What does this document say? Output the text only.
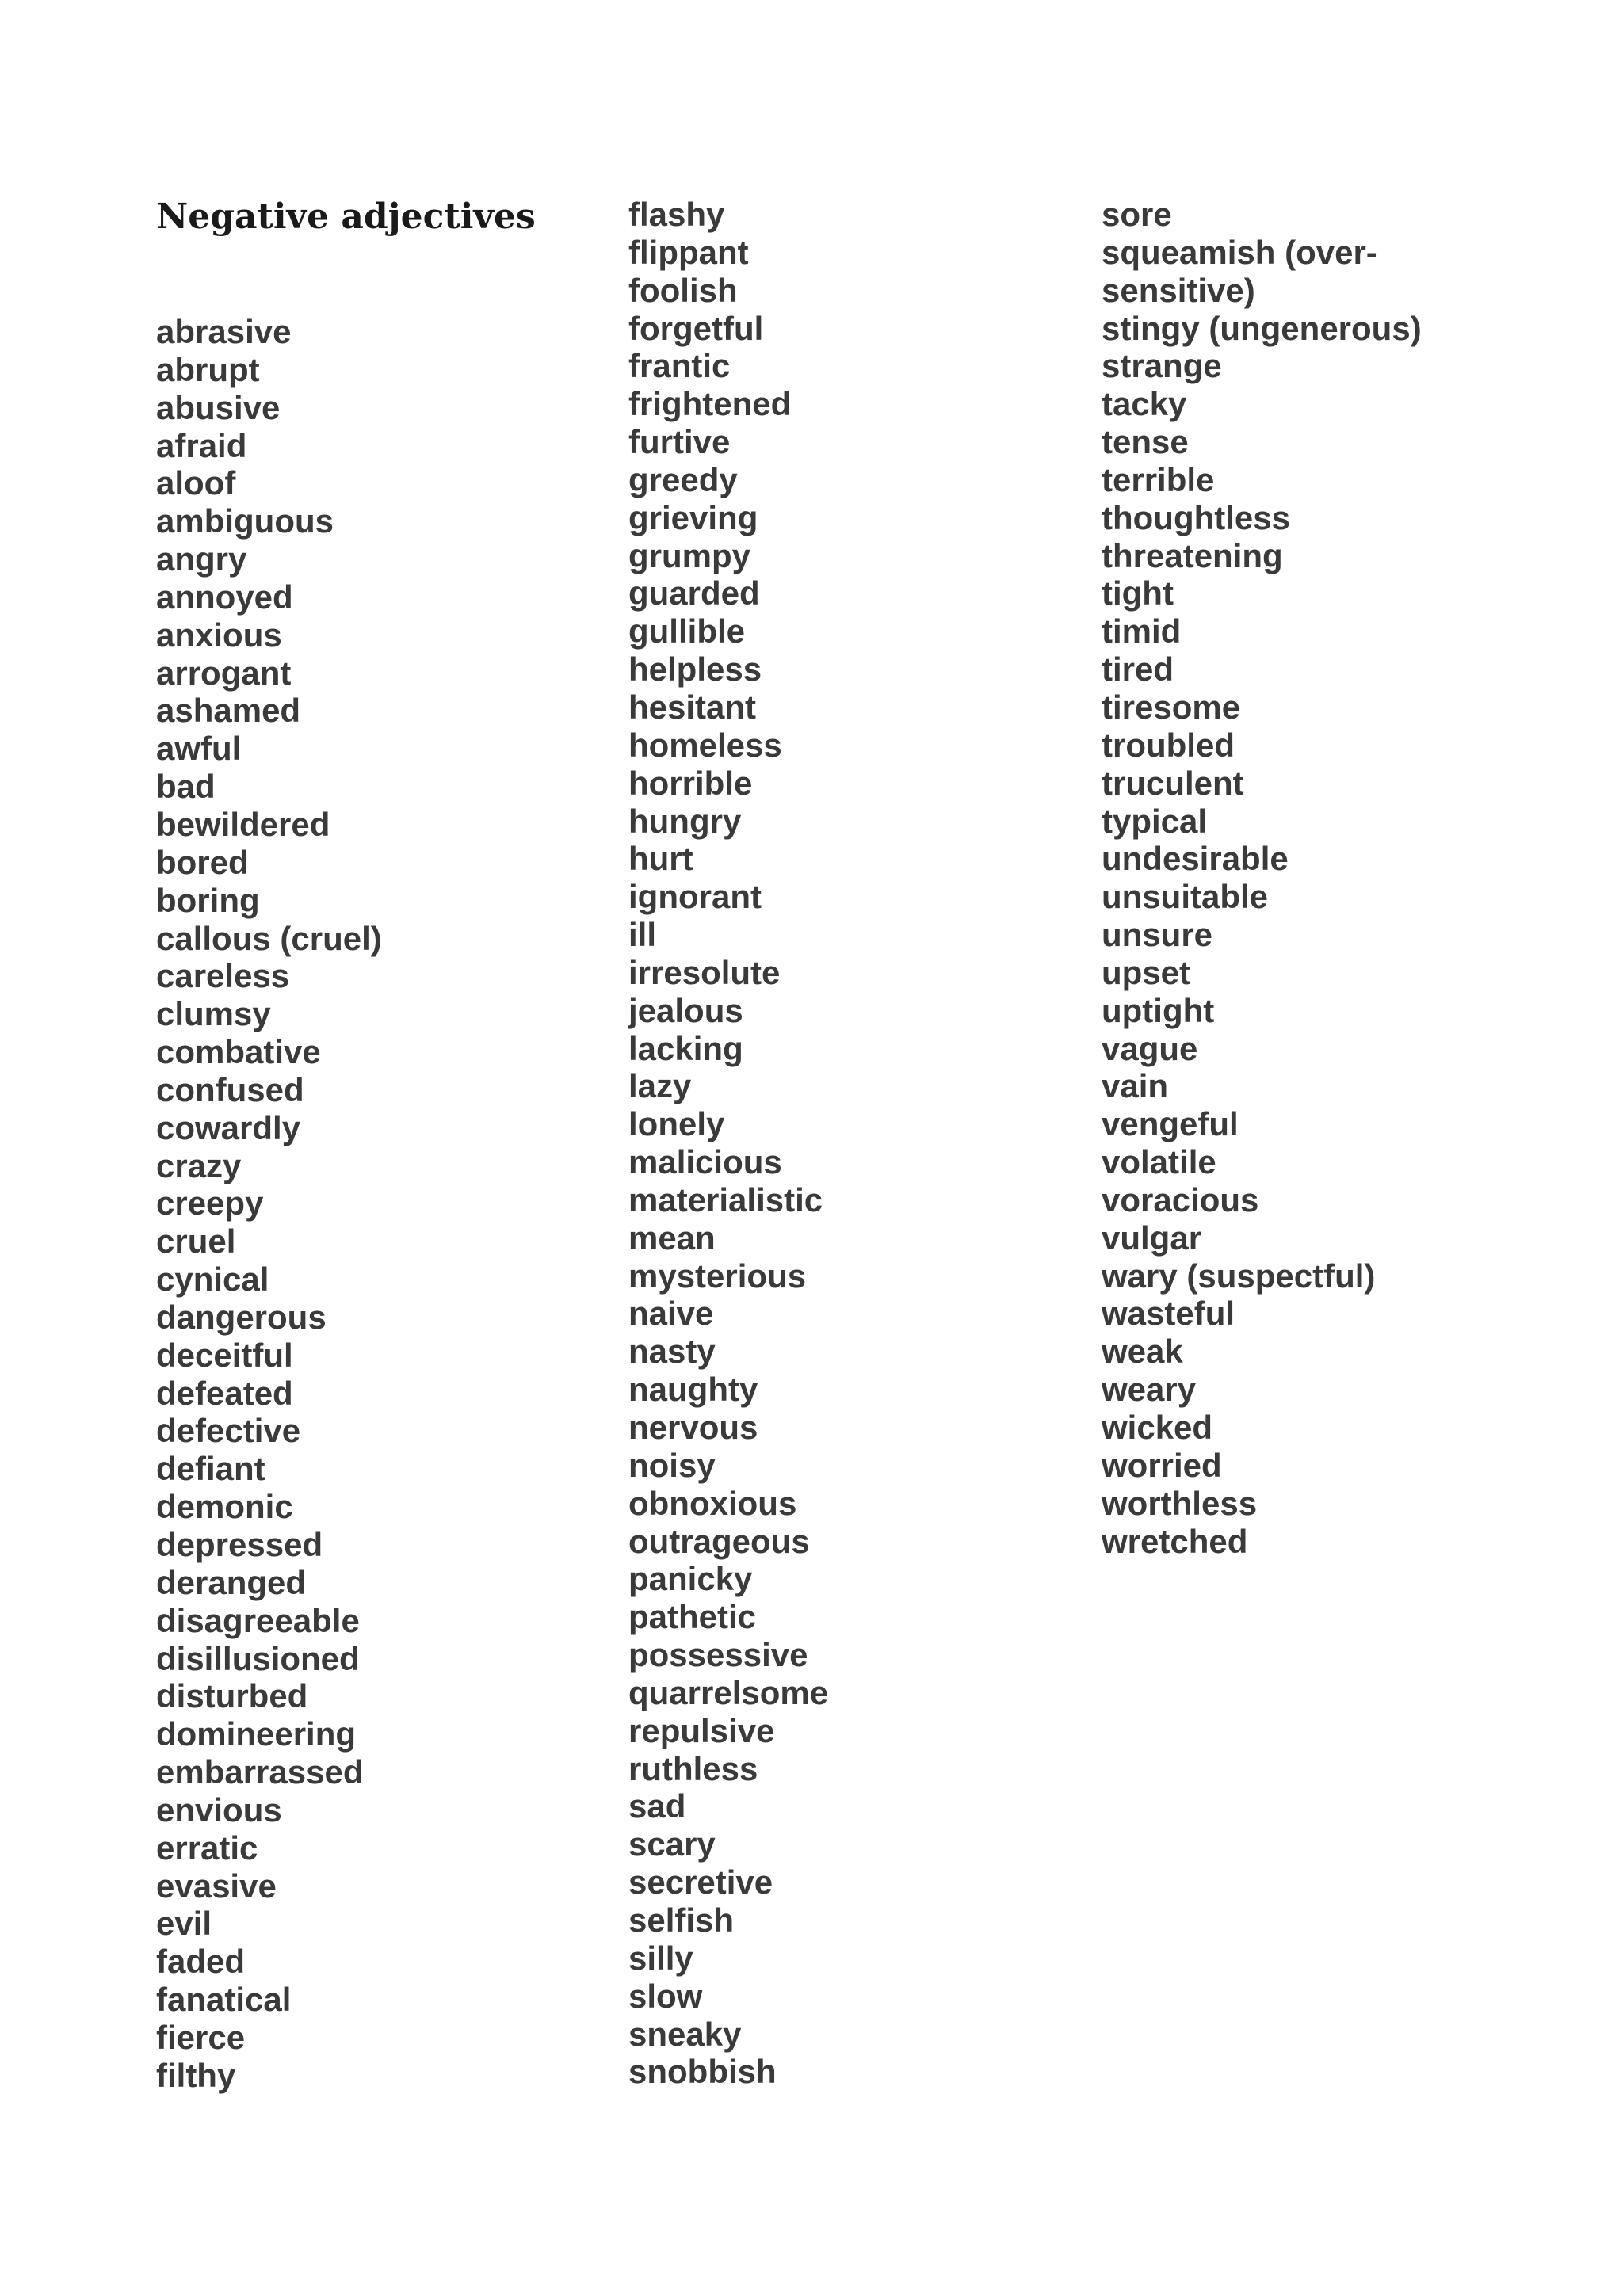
Negative adjectives
abrasive
abrupt
abusive
afraid
aloof
ambiguous
angry
annoyed
anxious
arrogant
ashamed
awful
bad
bewildered
bored
boring
callous (cruel)
careless
clumsy
combative
confused
cowardly
crazy
creepy
cruel
cynical
dangerous
deceitful
defeated
defective
defiant
demonic
depressed
deranged
disagreeable
disillusioned
disturbed
domineering
embarrassed
envious
erratic
evasive
evil
faded
fanatical
fierce
filthy
flashy
flippant
foolish
forgetful
frantic
frightened
furtive
greedy
grieving
grumpy
guarded
gullible
helpless
hesitant
homeless
horrible
hungry
hurt
ignorant
ill
irresolute
jealous
lacking
lazy
lonely
malicious
materialistic
mean
mysterious
naive
nasty
naughty
nervous
noisy
obnoxious
outrageous
panicky
pathetic
possessive
quarrelsome
repulsive
ruthless
sad
scary
secretive
selfish
silly
slow
sneaky
snobbish
sore
squeamish (over-
sensitive)
stingy (ungenerous)
strange
tacky
tense
terrible
thoughtless
threatening
tight
timid
tired
tiresome
troubled
truculent
typical
undesirable
unsuitable
unsure
upset
uptight
vague
vain
vengeful
volatile
voracious
vulgar
wary (suspectful)
wasteful
weak
weary
wicked
worried
worthless
wretched
